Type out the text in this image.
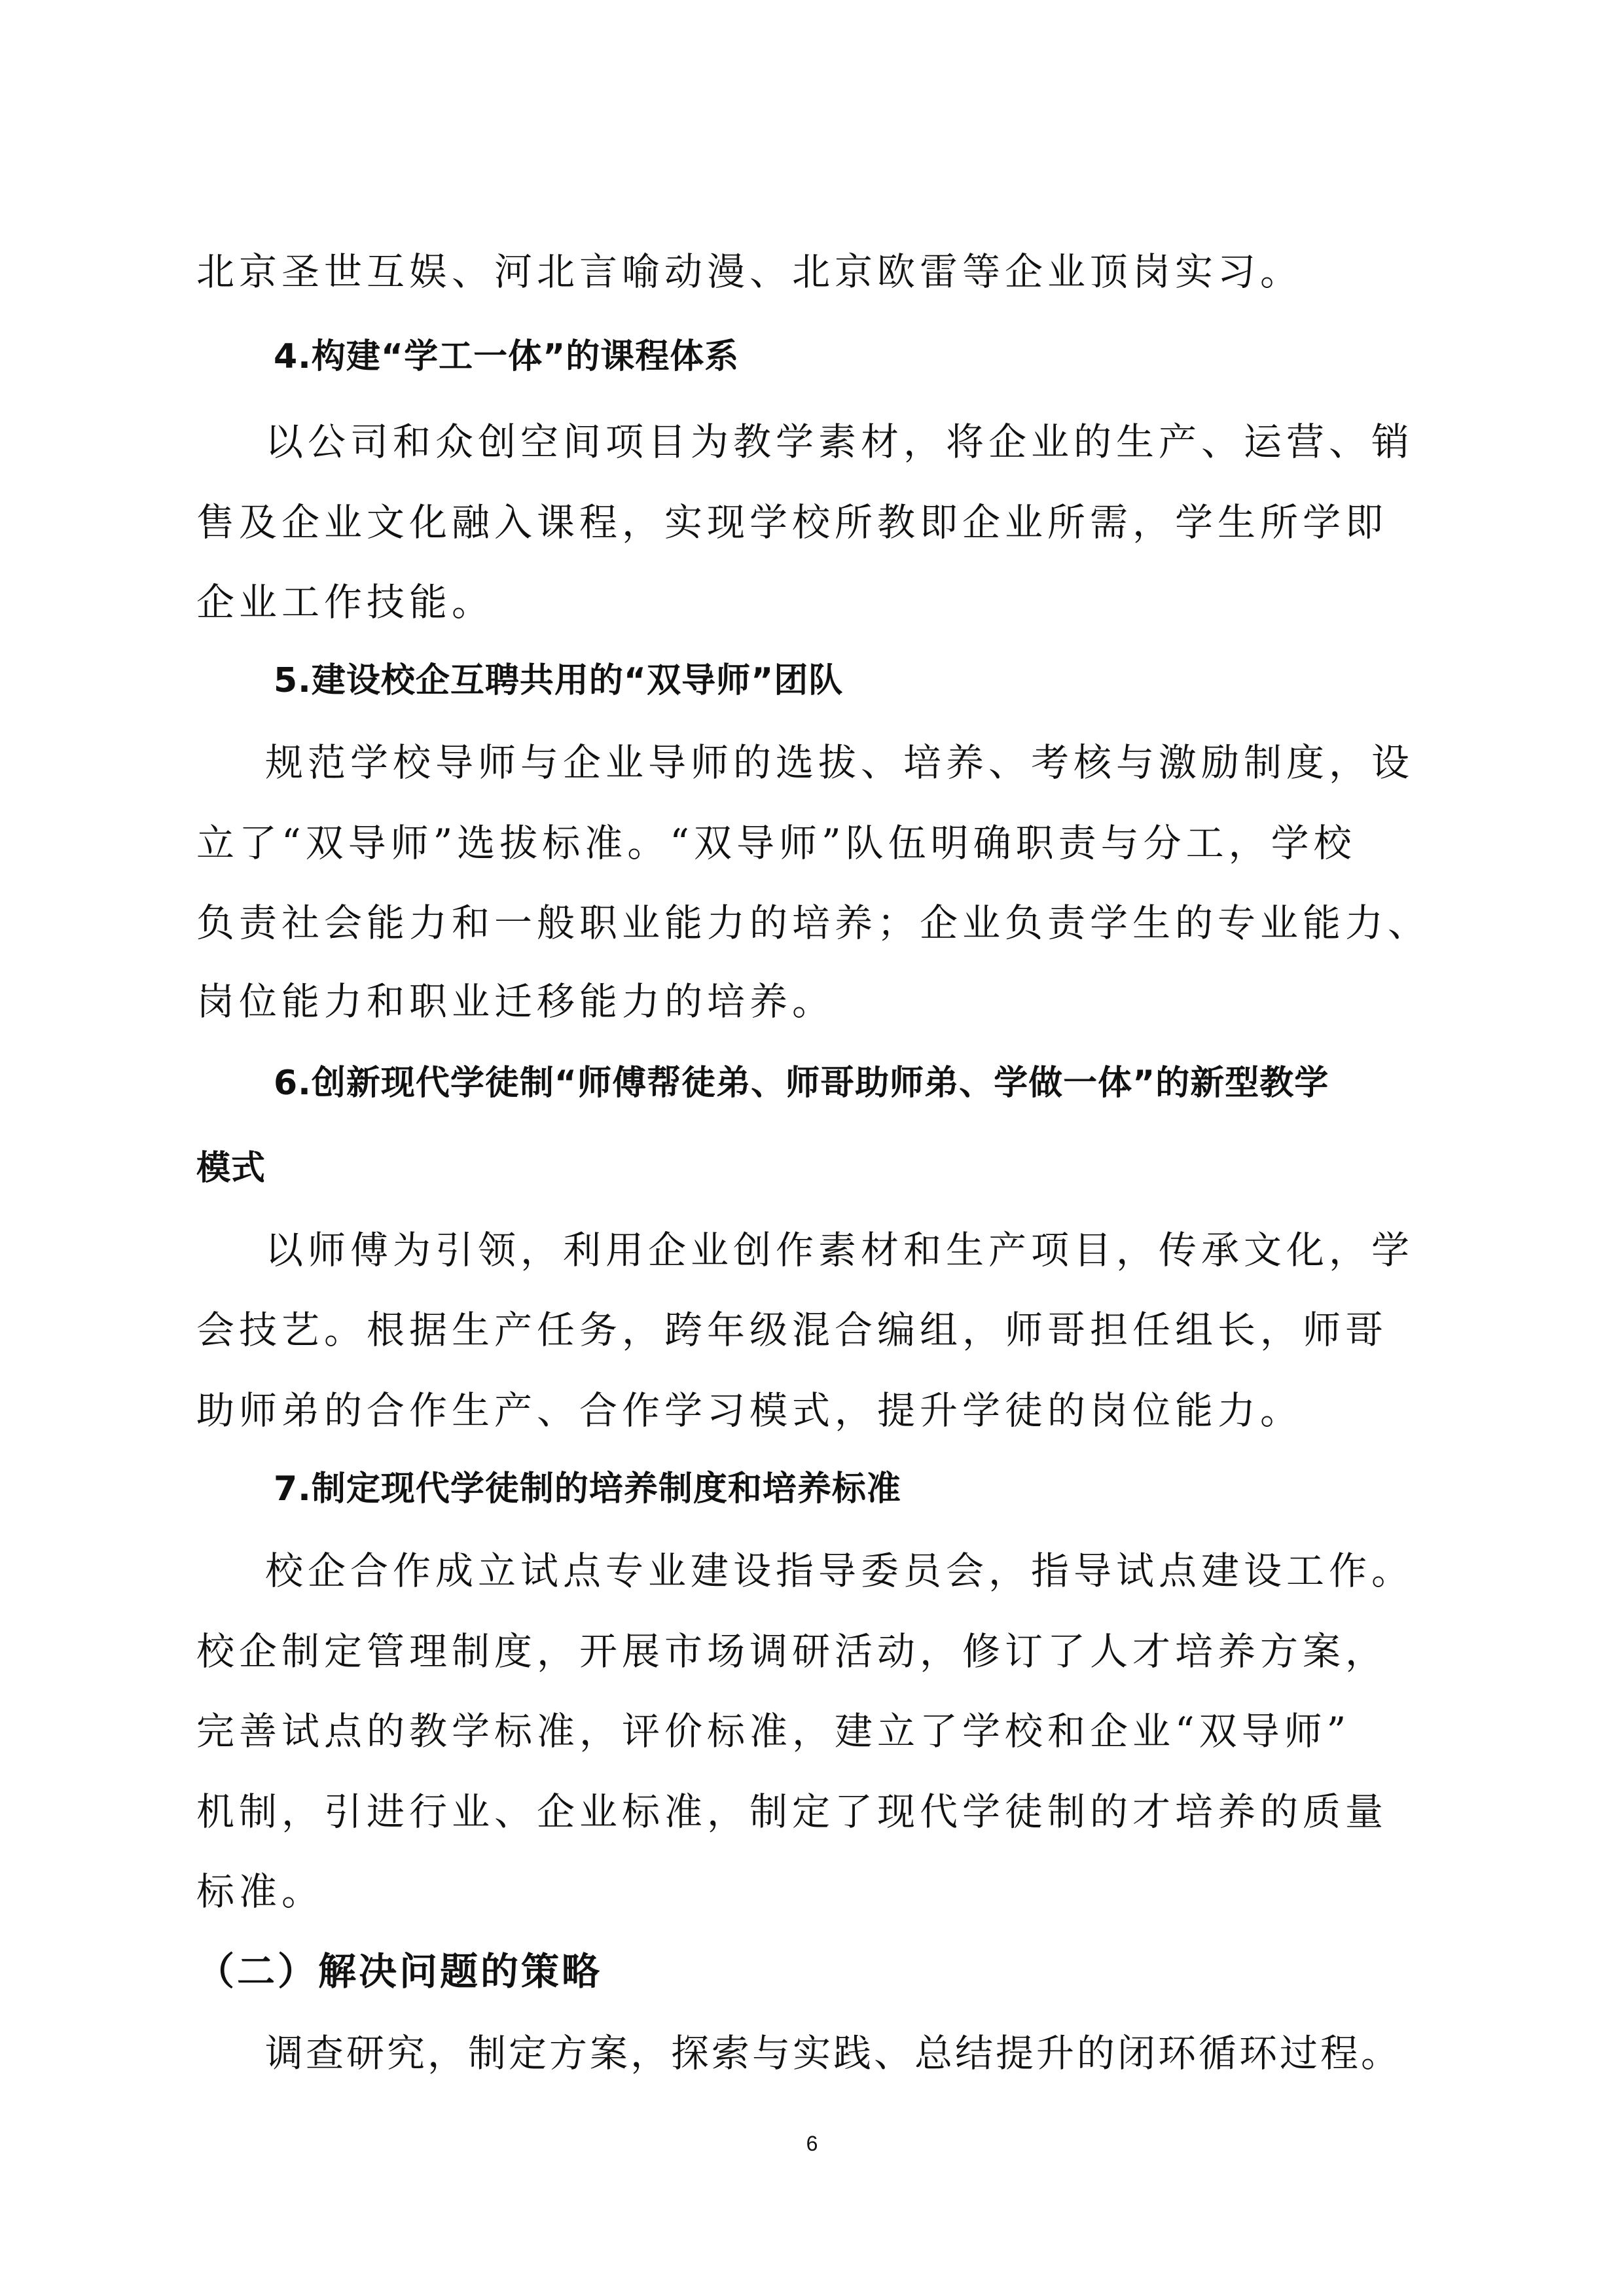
北京圣世互娱、河北言喻动漫、北京欧雷等企业顶岗实习。
4.构建“学工一体”的课程体系
以公司和众创空间项目为教学素材，将企业的生产、运营、销
售及企业文化融入课程，实现学校所教即企业所需，学生所学即
企业工作技能。
5.建设校企互聘共用的“双导师”团队
规范学校导师与企业导师的选拔、培养、考核与激励制度，设
立了“双导师”选拔标准。“双导师”队伍明确职责与分工，学校
负责社会能力和一般职业能力的培养；企业负责学生的专业能力、
岗位能力和职业迁移能力的培养。
6.创新现代学徒制“师傅帮徒弟、师哥助师弟、学做一体”的新型教学
模式
以师傅为引领，利用企业创作素材和生产项目，传承文化，学
会技艺。根据生产任务，跨年级混合编组，师哥担任组长，师哥
助师弟的合作生产、合作学习模式，提升学徒的岗位能力。
7.制定现代学徒制的培养制度和培养标准
校企合作成立试点专业建设指导委员会，指导试点建设工作。
校企制定管理制度，开展市场调研活动，修订了人才培养方案，
完善试点的教学标准，评价标准，建立了学校和企业“双导师”
机制，引进行业、企业标准，制定了现代学徒制的才培养的质量
标准。
（二）解决问题的策略
调查研究，制定方案，探索与实践、总结提升的闭环循环过程。
6
